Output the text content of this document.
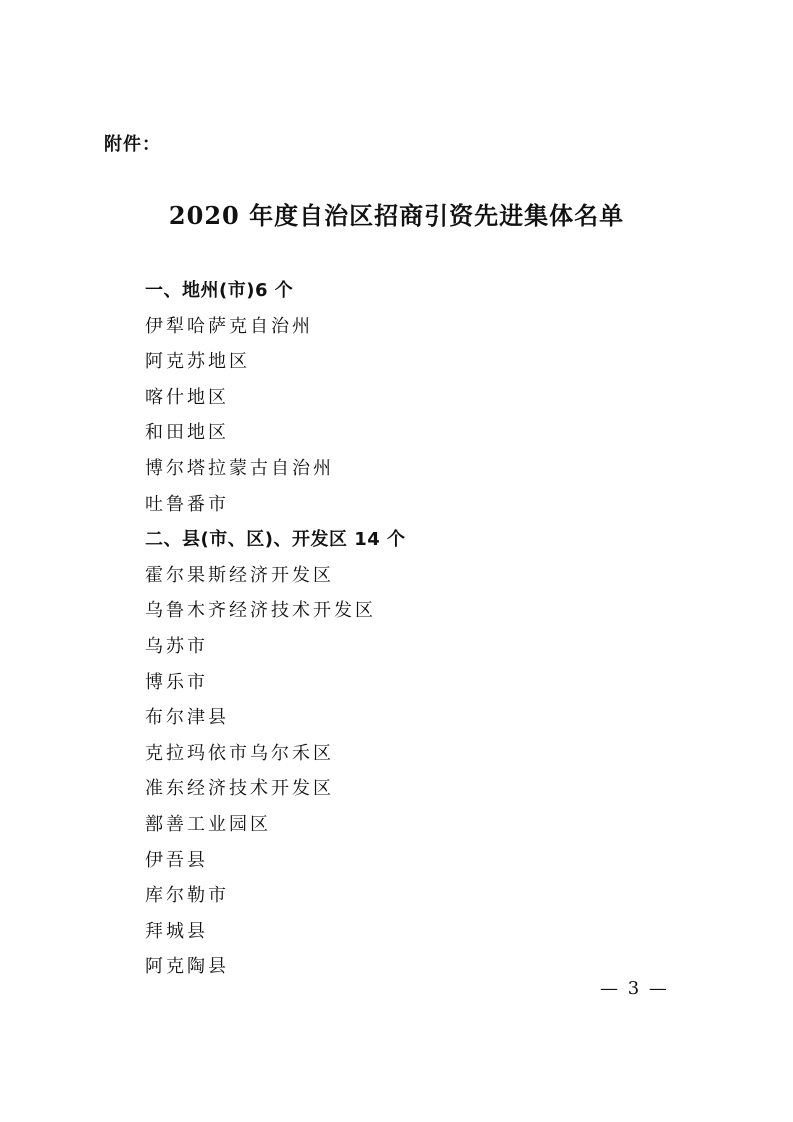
附件：
2020 年度自治区招商引资先进集体名单
一、地州(市)6 个
伊犁哈萨克自治州
阿克苏地区
喀什地区
和田地区
博尔塔拉蒙古自治州
吐鲁番市
二、县(市、区)、开发区 14 个
霍尔果斯经济开发区
乌鲁木齐经济技术开发区
乌苏市
博乐市
布尔津县
克拉玛依市乌尔禾区
准东经济技术开发区
鄯善工业园区
伊吾县
库尔勒市
拜城县
阿克陶县
— 3 —
